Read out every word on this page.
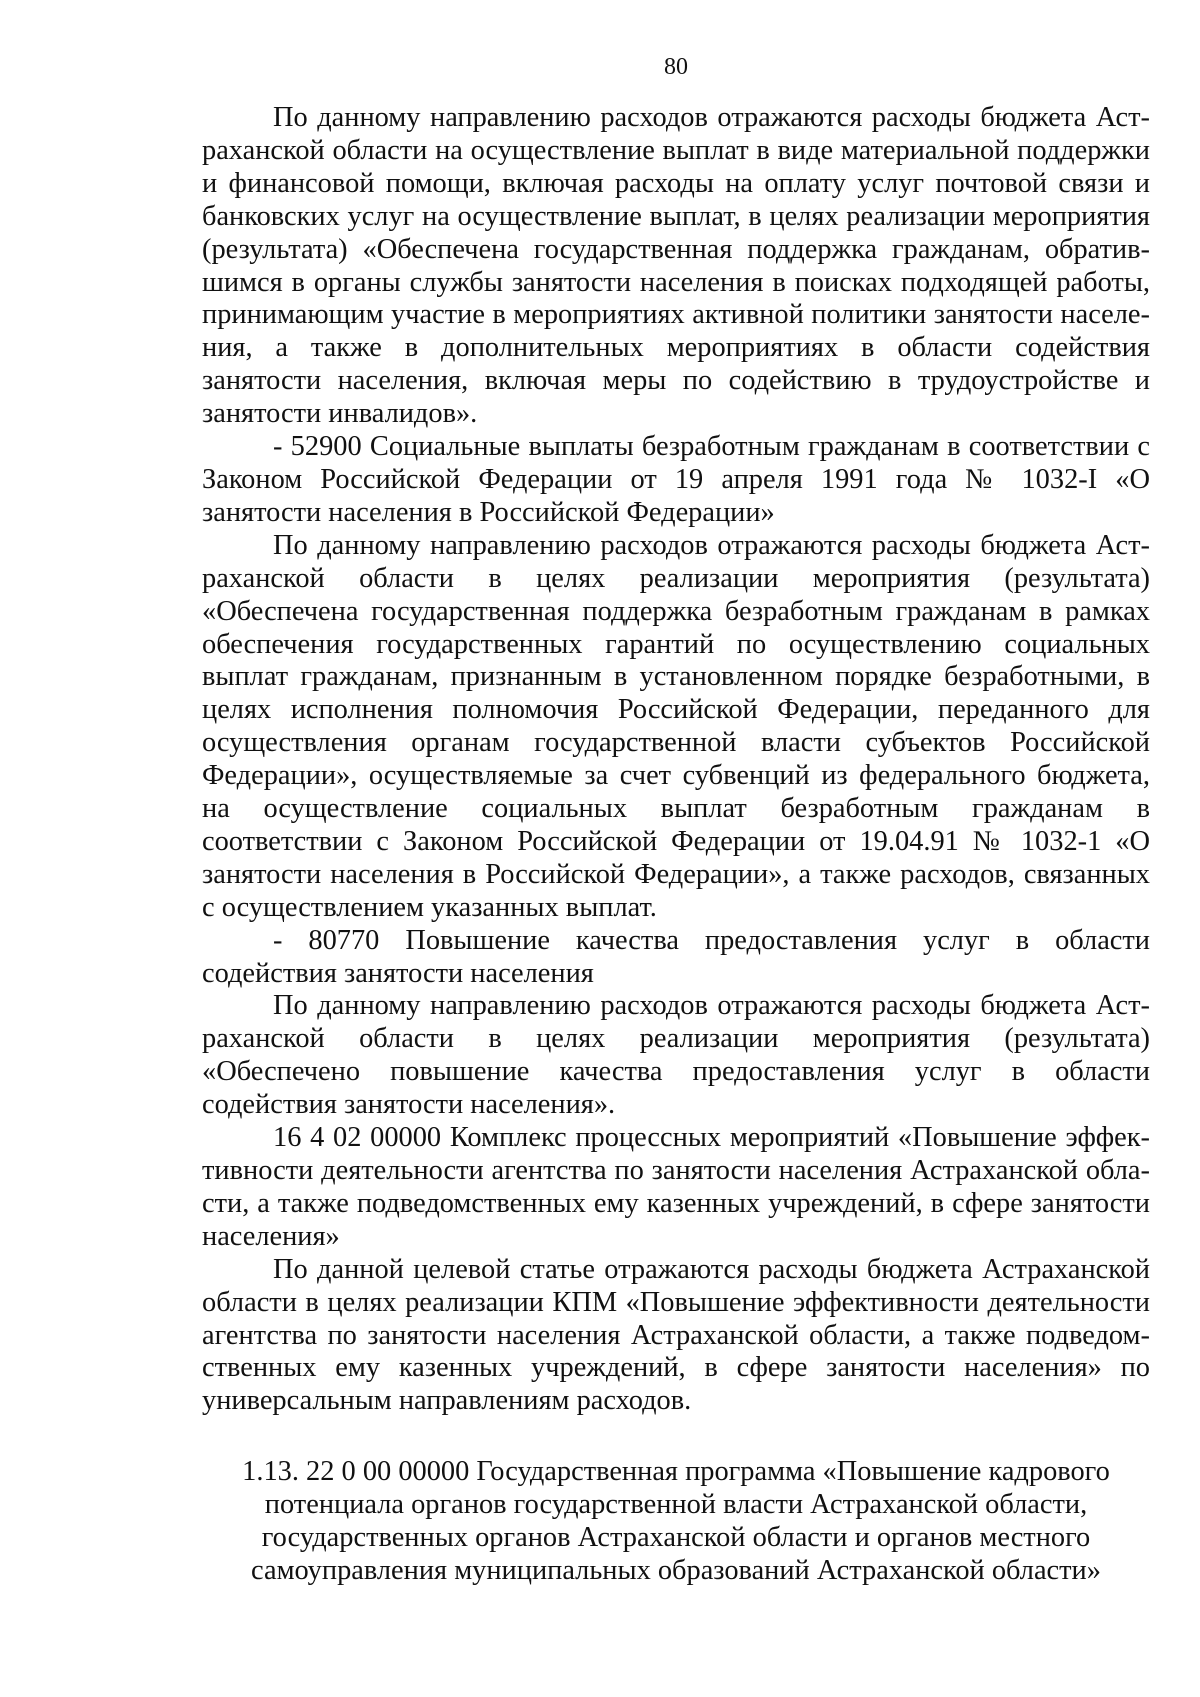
80

По данному направлению расходов отражаются расходы бюджета Астраханской области на осуществление выплат в виде материальной поддержки и финансовой помощи, включая расходы на оплату услуг почтовой связи и банковских услуг на осуществление выплат, в целях реализации мероприятия (результата) «Обеспечена государственная поддержка гражданам, обратившимся в органы службы занятости населения в поисках подходящей работы, принимающим участие в мероприятиях активной политики занятости населения, а также в дополнительных мероприятиях в области содействия занятости населения, включая меры по содействию в трудоустройстве и занятости инвалидов».

- 52900 Социальные выплаты безработным гражданам в соответствии с Законом Российской Федерации от 19 апреля 1991 года № 1032-I «О занятости населения в Российской Федерации»

По данному направлению расходов отражаются расходы бюджета Астраханской области в целях реализации мероприятия (результата) «Обеспечена государственная поддержка безработным гражданам в рамках обеспечения государственных гарантий по осуществлению социальных выплат гражданам, признанным в установленном порядке безработными, в целях исполнения полномочия Российской Федерации, переданного для осуществления органам государственной власти субъектов Российской Федерации», осуществляемые за счет субвенций из федерального бюджета, на осуществление социальных выплат безработным гражданам в соответствии с Законом Российской Федерации от 19.04.91 № 1032-1 «О занятости населения в Российской Федерации», а также расходов, связанных с осуществлением указанных выплат.

- 80770 Повышение качества предоставления услуг в области содействия занятости населения

По данному направлению расходов отражаются расходы бюджета Астраханской области в целях реализации мероприятия (результата) «Обеспечено повышение качества предоставления услуг в области содействия занятости населения».

16 4 02 00000 Комплекс процессных мероприятий «Повышение эффективности деятельности агентства по занятости населения Астраханской области, а также подведомственных ему казенных учреждений, в сфере занятости населения»

По данной целевой статье отражаются расходы бюджета Астраханской области в целях реализации КПМ «Повышение эффективности деятельности агентства по занятости населения Астраханской области, а также подведомственных ему казенных учреждений, в сфере занятости населения» по универсальным направлениям расходов.

1.13. 22 0 00 00000 Государственная программа «Повышение кадрового
потенциала органов государственной власти Астраханской области,
государственных органов Астраханской области и органов местного
самоуправления муниципальных образований Астраханской области»
